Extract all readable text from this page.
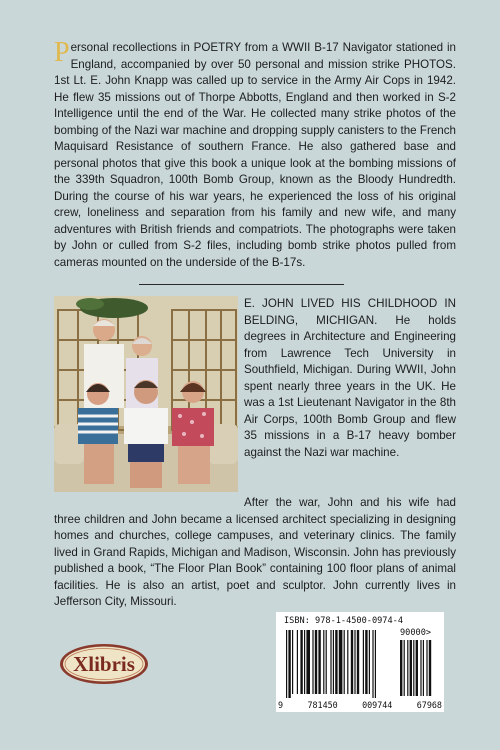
Personal recollections in POETRY from a WWII B-17 Navigator stationed in England, accompanied by over 50 personal and mission strike PHOTOS. 1st Lt. E. John Knapp was called up to service in the Army Air Cops in 1942. He flew 35 missions out of Thorpe Abbotts, England and then worked in S-2 Intelligence until the end of the War. He collected many strike photos of the bombing of the Nazi war machine and dropping supply canisters to the French Maquisard Resistance of southern France. He also gathered base and personal photos that give this book a unique look at the bombing missions of the 339th Squadron, 100th Bomb Group, known as the Bloody Hundredth. During the course of his war years, he experienced the loss of his original crew, loneliness and separation from his family and new wife, and many adventures with British friends and compatriots. The photographs were taken by John or culled from S-2 files, including bomb strike photos pulled from cameras mounted on the underside of the B-17s.
E. JOHN LIVED HIS CHILDHOOD IN BELDING, MICHIGAN. He holds degrees in Architecture and Engineering from Lawrence Tech University in Southfield, Michigan. During WWII, John spent nearly three years in the UK. He was a 1st Lieutenant Navigator in the 8th Air Corps, 100th Bomb Group and flew 35 missions in a B-17 heavy bomber against the Nazi war machine.

After the war, John and his wife had three children and John became a licensed architect specializing in designing homes and churches, college campuses, and veterinary clinics. The family lived in Grand Rapids, Michigan and Madison, Wisconsin. John has previously published a book, “The Floor Plan Book” containing 100 floor plans of animal facilities. He is also an artist, poet and sculptor. John currently lives in Jefferson City, Missouri.

Xlibris
ISBN: 978-1-4500-0974-4
90000>
9	781450	009744	67968
